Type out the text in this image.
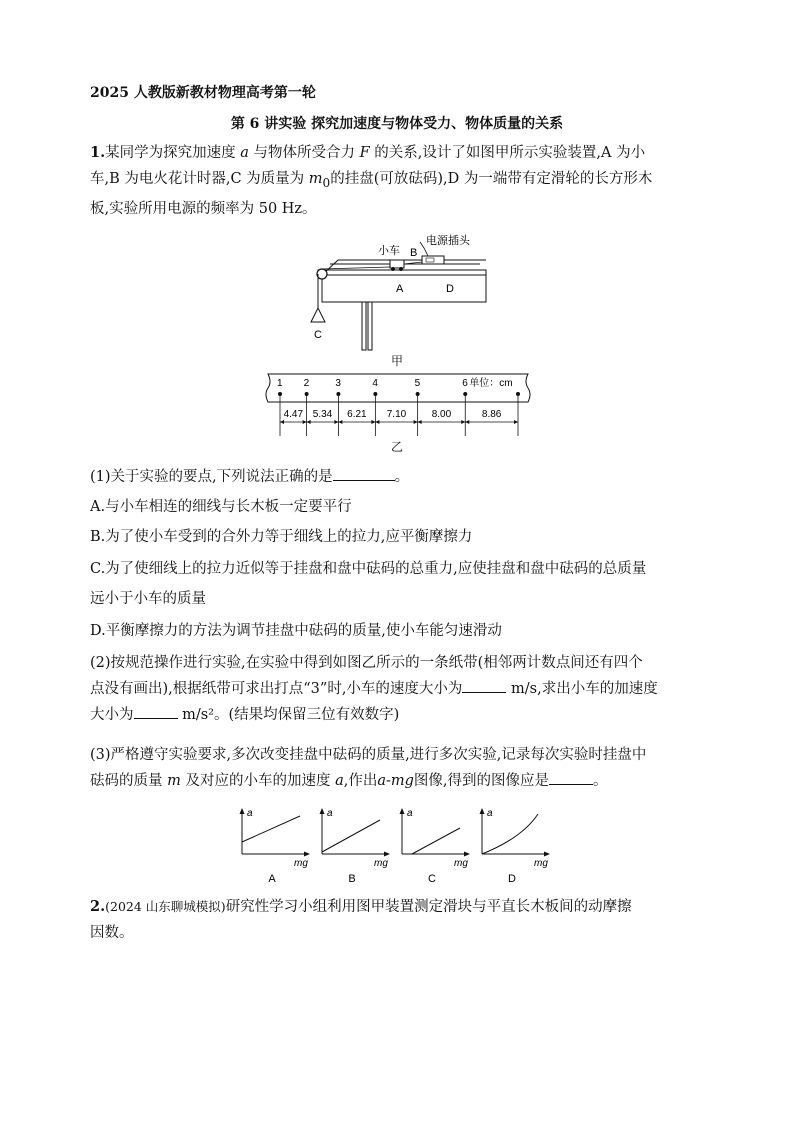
2025 人教版新教材物理高考第一轮
第 6 讲实验 探究加速度与物体受力、物体质量的关系
1.某同学为探究加速度 a 与物体所受合力 F 的关系,设计了如图甲所示实验装置,A 为小
车,B 为电火花计时器,C 为质量为 $m_0$的挂盘(可放砝码),D 为一端带有定滑轮的长方形木
板,实验所用电源的频率为 50 Hz。
小车 B
电源插头
A	D
C
甲
1 2	3	4	5	6 单位：cm
4.47 5.34 6.21 7.10	8.00	8.86
乙
(1)关于实验的要点,下列说法正确的是	。
A.与小车相连的细线与长木板一定要平行
B.为了使小车受到的合外力等于细线上的拉力,应平衡摩擦力
C.为了使细线上的拉力近似等于挂盘和盘中砝码的总重力,应使挂盘和盘中砝码的总质量
远小于小车的质量
D.平衡摩擦力的方法为调节挂盘中砝码的质量,使小车能匀速滑动
(2)按规范操作进行实验,在实验中得到如图乙所示的一条纸带(相邻两计数点间还有四个
点没有画出),根据纸带可求出打点“3”时,小车的速度大小为	m/s,求出小车的加速度
大小为	m/s²。(结果均保留三位有效数字)
(3)严格遵守实验要求,多次改变挂盘中砝码的质量,进行多次实验,记录每次实验时挂盘中
砝码的质量 m 及对应的小车的加速度 a,作出a-mg图像,得到的图像应是	。
a
mg
A
a
mg
B
a
mg
C
a
mg
D
2.(2024 山东聊城模拟)研究性学习小组利用图甲装置测定滑块与平直长木板间的动摩擦
因数。
